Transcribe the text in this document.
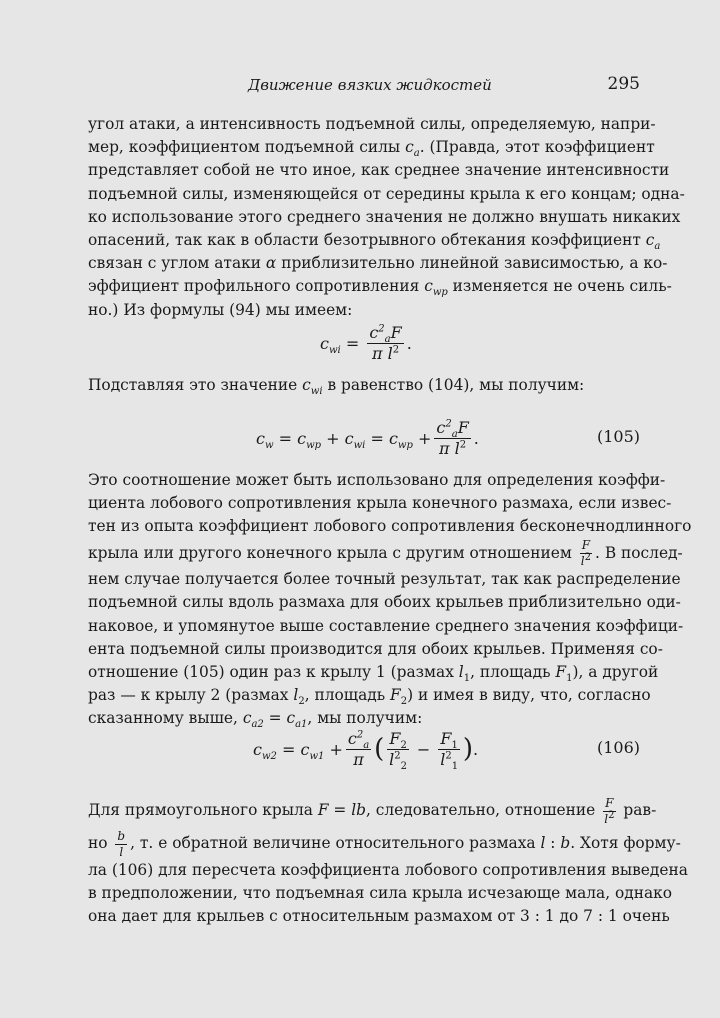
Движение вязких жидкостей	295
угол атаки, а интенсивность подъемной силы, определяемую, напри-
мер, коэффициентом подъемной силы $c_a$. (Правда, этот коэффициент
представляет собой не что иное, как среднее значение интенсивности
подъемной силы, изменяющейся от середины крыла к его концам; одна-
ко использование этого среднего значения не должно внушать никаких
опасений, так как в области безотрывного обтекания коэффициент $c_a$
связан с углом атаки α приблизительно линейной зависимостью, а ко-
эффициент профильного сопротивления $c_{wp}$ изменяется не очень силь-
но.) Из формулы (94) мы имеем:
$c_{wi} = \frac{c^2_aF}{\pi l^2}$ .
Подставляя это значение $c_{wi}$ в равенство (104), мы получим:
$c_w = c_{wp} + c_{wi} = c_{wp} + \frac{c^2_aF}{\pi l^2}$ .	(105)
Это соотношение может быть использовано для определения коэффи-
циента лобового сопротивления крыла конечного размаха, если извес-
тен из опыта коэффициент лобового сопротивления бесконечнодлинного
крыла или другого конечного крыла с другим отношением $\frac{F}{l^2}$ . В послед-
нем случае получается более точный результат, так как распределение
подъемной силы вдоль размаха для обоих крыльев приблизительно оди-
наковое, и упомянутое выше составление среднего значения коэффици-
ента подъемной силы производится для обоих крыльев. Применяя со-
отношение (105) один раз к крылу 1 (размах $l_1$, площадь $F_1$), а другой
раз — к крылу 2 (размах $l_2$, площадь $F_2$) и имея в виду, что, согласно
сказанному выше, $c_{a2} = c_{a1}$, мы получим:
$c_{w2} = c_{w1} + \frac{c^2_a}{\pi}$ ( $\frac{F_2}{l^2_2} - \frac{F_1}{l^2_1}$ ) .	(106)
Для прямоугольного крыла F = lb, следовательно, отношение $\frac{F}{l^2} рав-$
но $\frac{b}{l}$ , т. е обратной величине относительного размаха l : b. Хотя форму-
ла (106) для пересчета коэффициента лобового сопротивления выведена
в предположении, что подъемная сила крыла исчезающе мала, однако
она дает для крыльев с относительным размахом от 3 : 1 до 7 : 1 очень
